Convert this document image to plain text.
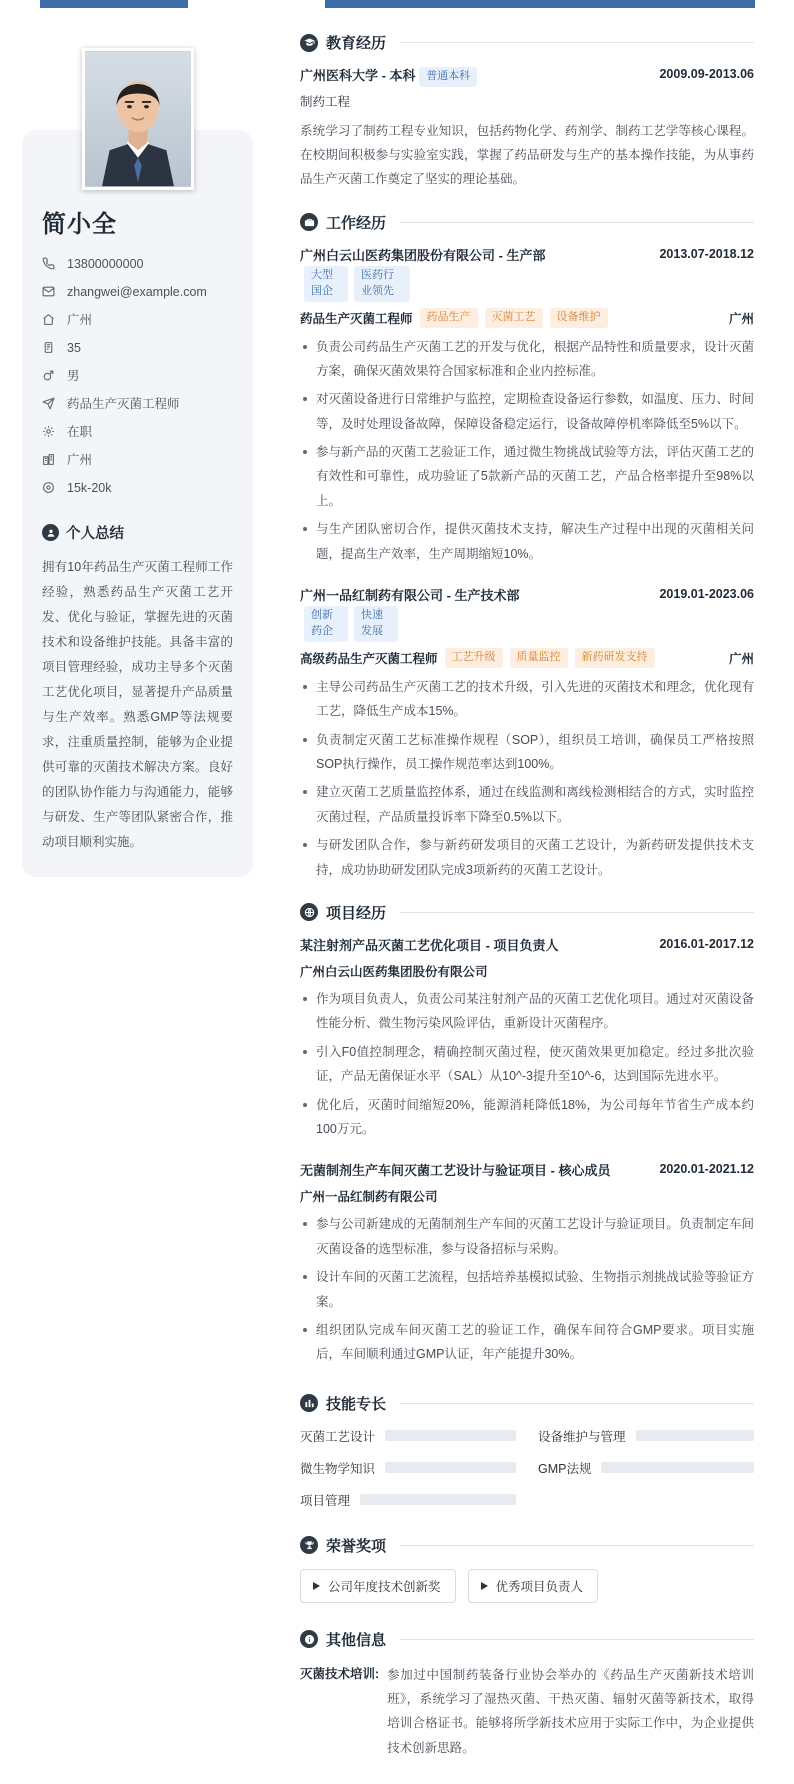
简小全
13800000000
zhangwei@example.com
广州
35
男
药品生产灭菌工程师
在职
广州
15k-20k
个人总结
拥有10年药品生产灭菌工程师工作经验，熟悉药品生产灭菌工艺开发、优化与验证，掌握先进的灭菌技术和设备维护技能。具备丰富的项目管理经验，成功主导多个灭菌工艺优化项目，显著提升产品质量与生产效率。熟悉GMP等法规要求，注重质量控制，能够为企业提供可靠的灭菌技术解决方案。良好的团队协作能力与沟通能力，能够与研发、生产等团队紧密合作，推动项目顺利实施。
教育经历
广州医科大学 - 本科 普通本科	2009.09-2013.06
制药工程
系统学习了制药工程专业知识，包括药物化学、药剂学、制药工艺学等核心课程。在校期间积极参与实验室实践，掌握了药品研发与生产的基本操作技能，为从事药品生产灭菌工作奠定了坚实的理论基础。
工作经历
广州白云山医药集团股份有限公司 - 生产部
大型国企
医药行业领先
2013.07-2018.12
药品生产灭菌工程师	药品生产	灭菌工艺	设备维护	广州
负责公司药品生产灭菌工艺的开发与优化，根据产品特性和质量要求，设计灭菌方案，确保灭菌效果符合国家标准和企业内控标准。
对灭菌设备进行日常维护与监控，定期检查设备运行参数，如温度、压力、时间等，及时处理设备故障，保障设备稳定运行，设备故障停机率降低至5%以下。
参与新产品的灭菌工艺验证工作，通过微生物挑战试验等方法，评估灭菌工艺的有效性和可靠性，成功验证了5款新产品的灭菌工艺，产品合格率提升至98%以上。
与生产团队密切合作，提供灭菌技术支持，解决生产过程中出现的灭菌相关问题，提高生产效率，生产周期缩短10%。
广州一品红制药有限公司 - 生产技术部
创新药企
快速发展
2019.01-2023.06
高级药品生产灭菌工程师	工艺升级	质量监控	新药研发支持	广州
主导公司药品生产灭菌工艺的技术升级，引入先进的灭菌技术和理念，优化现有工艺，降低生产成本15%。
负责制定灭菌工艺标准操作规程（SOP），组织员工培训，确保员工严格按照SOP执行操作，员工操作规范率达到100%。
建立灭菌工艺质量监控体系，通过在线监测和离线检测相结合的方式，实时监控灭菌过程，产品质量投诉率下降至0.5%以下。
与研发团队合作，参与新药研发项目的灭菌工艺设计，为新药研发提供技术支持，成功协助研发团队完成3项新药的灭菌工艺设计。
项目经历
某注射剂产品灭菌工艺优化项目 - 项目负责人	2016.01-2017.12
广州白云山医药集团股份有限公司
作为项目负责人，负责公司某注射剂产品的灭菌工艺优化项目。通过对灭菌设备性能分析、微生物污染风险评估，重新设计灭菌程序。
引入F0值控制理念，精确控制灭菌过程，使灭菌效果更加稳定。经过多批次验证，产品无菌保证水平（SAL）从10^-3提升至10^-6，达到国际先进水平。
优化后，灭菌时间缩短20%，能源消耗降低18%，为公司每年节省生产成本约100万元。
无菌制剂生产车间灭菌工艺设计与验证项目 - 核心成员	2020.01-2021.12
广州一品红制药有限公司
参与公司新建成的无菌制剂生产车间的灭菌工艺设计与验证项目。负责制定车间灭菌设备的选型标准，参与设备招标与采购。
设计车间的灭菌工艺流程，包括培养基模拟试验、生物指示剂挑战试验等验证方案。
组织团队完成车间灭菌工艺的验证工作，确保车间符合GMP要求。项目实施后，车间顺利通过GMP认证，年产能提升30%。
技能专长
灭菌工艺设计	设备维护与管理
微生物学知识	GMP法规
项目管理
荣誉奖项
公司年度技术创新奖	优秀项目负责人
其他信息
灭菌技术培训: 参加过中国制药装备行业协会举办的《药品生产灭菌新技术培训班》，系统学习了湿热灭菌、干热灭菌、辐射灭菌等新技术，取得培训合格证书。能够将所学新技术应用于实际工作中，为企业提供技术创新思路。
